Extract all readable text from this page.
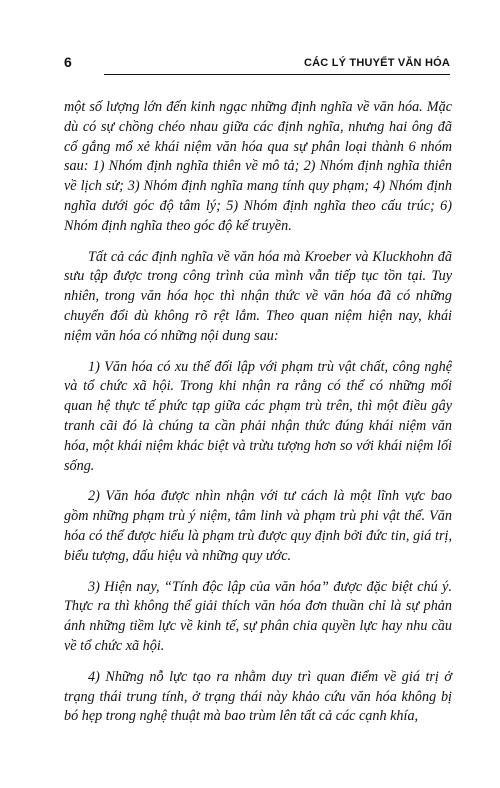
6	CÁC LÝ THUYẾT VĂN HÓA

một số lượng lớn đến kinh ngạc những định nghĩa về văn hóa. Mặc dù có sự chồng chéo nhau giữa các định nghĩa, nhưng hai ông đã cố gắng mổ xẻ khái niệm văn hóa qua sự phân loại thành 6 nhóm sau: 1) Nhóm định nghĩa thiên về mô tả; 2) Nhóm định nghĩa thiên về lịch sử; 3) Nhóm định nghĩa mang tính quy phạm; 4) Nhóm định nghĩa dưới góc độ tâm lý; 5) Nhóm định nghĩa theo cấu trúc; 6) Nhóm định nghĩa theo góc độ kế truyền.

Tất cả các định nghĩa về văn hóa mà Kroeber và Kluckhohn đã sưu tập được trong công trình của mình vẫn tiếp tục tồn tại. Tuy nhiên, trong văn hóa học thì nhận thức về văn hóa đã có những chuyển đổi dù không rõ rệt lắm. Theo quan niệm hiện nay, khái niệm văn hóa có những nội dung sau:

1) Văn hóa có xu thế đối lập với phạm trù vật chất, công nghệ và tổ chức xã hội. Trong khi nhận ra rằng có thể có những mối quan hệ thực tế phức tạp giữa các phạm trù trên, thì một điều gây tranh cãi đó là chúng ta cần phải nhận thức đúng khái niệm văn hóa, một khái niệm khác biệt và trừu tượng hơn so với khái niệm lối sống.

2) Văn hóa được nhìn nhận với tư cách là một lĩnh vực bao gồm những phạm trù ý niệm, tâm linh và phạm trù phi vật thể. Văn hóa có thể được hiểu là phạm trù được quy định bởi đức tin, giá trị, biểu tượng, dấu hiệu và những quy ước.

3) Hiện nay, “Tính độc lập của văn hóa” được đặc biệt chú ý. Thực ra thì không thể giải thích văn hóa đơn thuần chỉ là sự phản ánh những tiềm lực về kinh tế, sự phân chia quyền lực hay nhu cầu về tổ chức xã hội.

4) Những nỗ lực tạo ra nhằm duy trì quan điểm về giá trị ở trạng thái trung tính, ở trạng thái này khảo cứu văn hóa không bị bó hẹp trong nghệ thuật mà bao trùm lên tất cả các cạnh khía,
